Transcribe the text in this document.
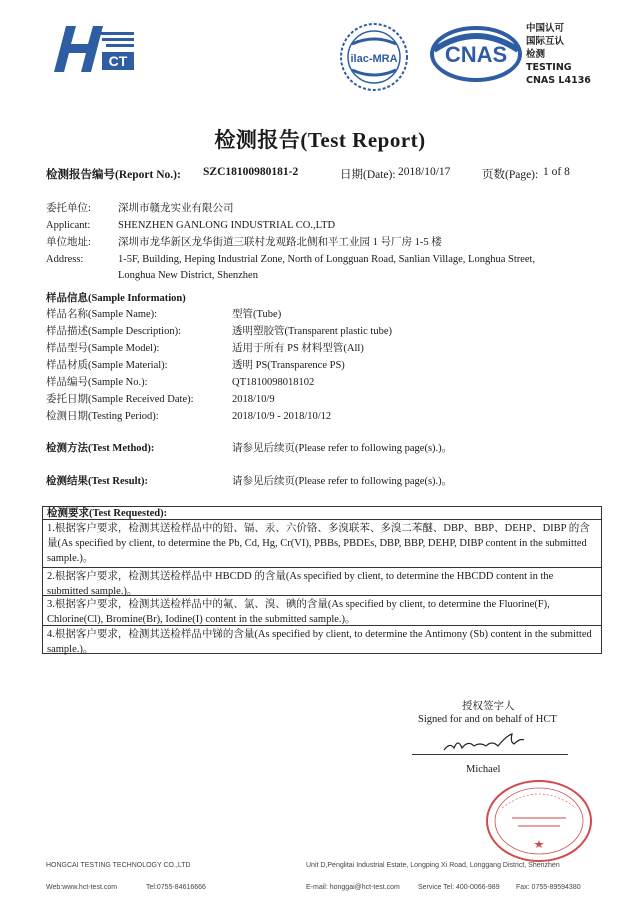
CT	ilac-MRA CNAS
中国认可
国际互认
检测
TESTING
CNAS L4136
检测报告(Test Report)
检测报告编号(Report No.): SZC18100980181-2	日期(Date): 2018/10/17	页数(Page): 1 of 8
委托单位:	深圳市赣龙实业有限公司
Applicant:	SHENZHEN GANLONG INDUSTRIAL CO.,LTD
单位地址:	深圳市龙华新区龙华街道三联村龙观路北侧和平工业园 1 号厂房 1-5 楼
Address:	1-5F, Building, Heping Industrial Zone, North of Longguan Road, Sanlian Village, Longhua Street,
Longhua New District, Shenzhen
样品信息(Sample Information)
样品名称(Sample Name):	型管(Tube)
样品描述(Sample Description):	透明塑胶管(Transparent plastic tube)
样品型号(Sample Model):	适用于所有 PS 材料型管(All)
样品材质(Sample Material):	透明 PS(Transparence PS)
样品编号(Sample No.):	QT1810098018102
委托日期(Sample Received Date):	2018/10/9
检测日期(Testing Period):	2018/10/9 - 2018/10/12
检测方法(Test Method):	请参见后续页(Please refer to following page(s).)。
检测结果(Test Result):	请参见后续页(Please refer to following page(s).)。
检测要求(Test Requested):
1.根据客户要求，检测其送检样品中的铅、镉、汞、六价铬、多溴联苯、多溴二苯醚、DBP、BBP、DEHP、DIBP 的含量(As specified by client, to determine the Pb, Cd, Hg, Cr(VI), PBBs, PBDEs, DBP, BBP, DEHP, DIBP content in the submitted sample.)。
2.根据客户要求，检测其送检样品中 HBCDD 的含量(As specified by client, to determine the HBCDD content in the submitted sample.)。
3.根据客户要求，检测其送检样品中的氟、氯、溴、碘的含量(As specified by client, to determine the Fluorine(F), Chlorine(Cl), Bromine(Br), Iodine(I) content in the submitted sample.)。
4.根据客户要求，检测其送检样品中锑的含量(As specified by client, to determine the Antimony (Sb) content in the submitted sample.)。
授权签字人
Signed for and on behalf of HCT
Michael
HONGCAI TESTING TECHNOLOGY CO.,LTD	Unit D,Penglitai Industrial Estate, Longping Xi Road, Longgang District, Shenzhen
Web:www.hct-test.com	Tel:0755-84616666	E-mail: honggai@hct-test.com	Service Tel: 400-0066-989 Fax: 0755-89594380
